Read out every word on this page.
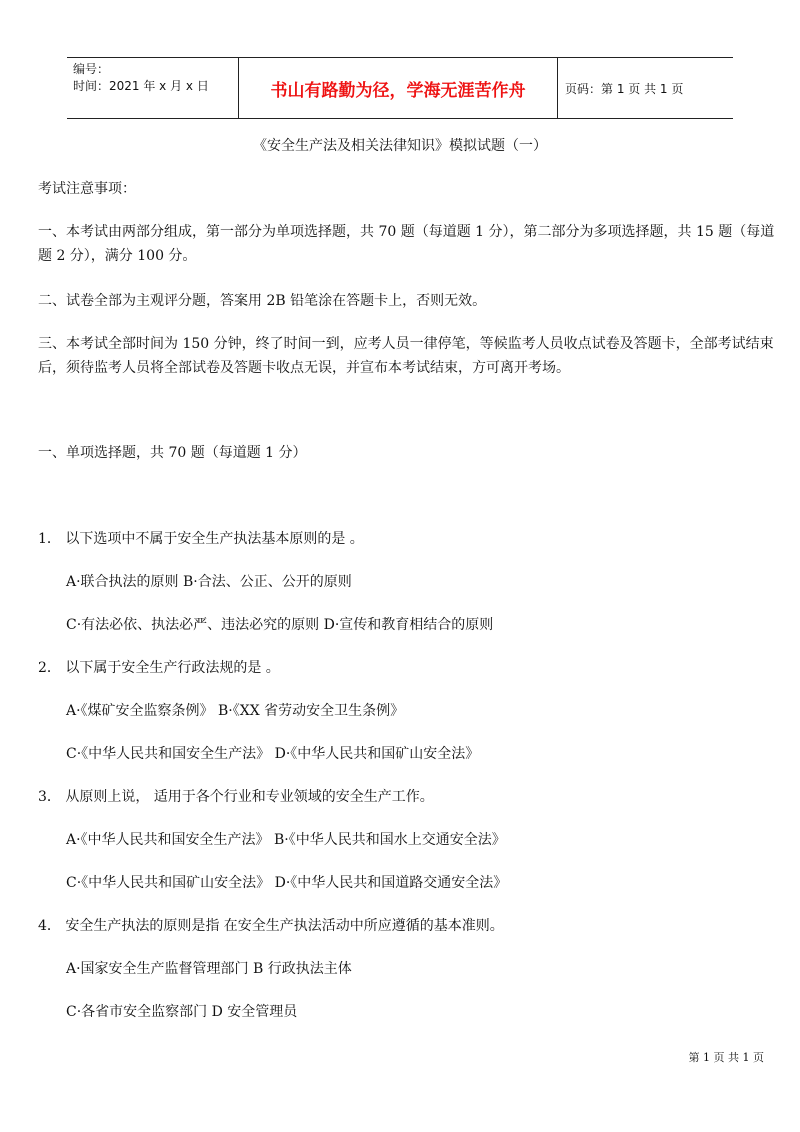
编号：
时间：2021 年 x 月 x 日	书山有路勤为径，学海无涯苦作舟	页码：第 1 页 共 1 页
《安全生产法及相关法律知识》模拟试题（一）
考试注意事项：
一、本考试由两部分组成，第一部分为单项选择题，共 70 题（每道题 1 分），第二部分为多项选择题，共 15 题（每道题 2 分），满分 100 分。
二、试卷全部为主观评分题，答案用 2B 铅笔涂在答题卡上，否则无效。
三、本考试全部时间为 150 分钟，终了时间一到，应考人员一律停笔，等候监考人员收点试卷及答题卡，全部考试结束后，须待监考人员将全部试卷及答题卡收点无误，并宣布本考试结束，方可离开考场。
一、单项选择题，共 70 题（每道题 1 分）
1． 以下选项中不属于安全生产执法基本原则的是 。
A·联合执法的原则 B·合法、公正、公开的原则
C·有法必依、执法必严、违法必究的原则 D·宣传和教育相结合的原则
2． 以下属于安全生产行政法规的是 。
A·《煤矿安全监察条例》 B·《XX 省劳动安全卫生条例》
C·《中华人民共和国安全生产法》 D·《中华人民共和国矿山安全法》
3． 从原则上说， 适用于各个行业和专业领域的安全生产工作。
A·《中华人民共和国安全生产法》 B·《中华人民共和国水上交通安全法》
C·《中华人民共和国矿山安全法》 D·《中华人民共和国道路交通安全法》
4． 安全生产执法的原则是指 在安全生产执法活动中所应遵循的基本准则。
A·国家安全生产监督管理部门 B 行政执法主体
C·各省市安全监察部门 D 安全管理员
第 1 页 共 1 页
